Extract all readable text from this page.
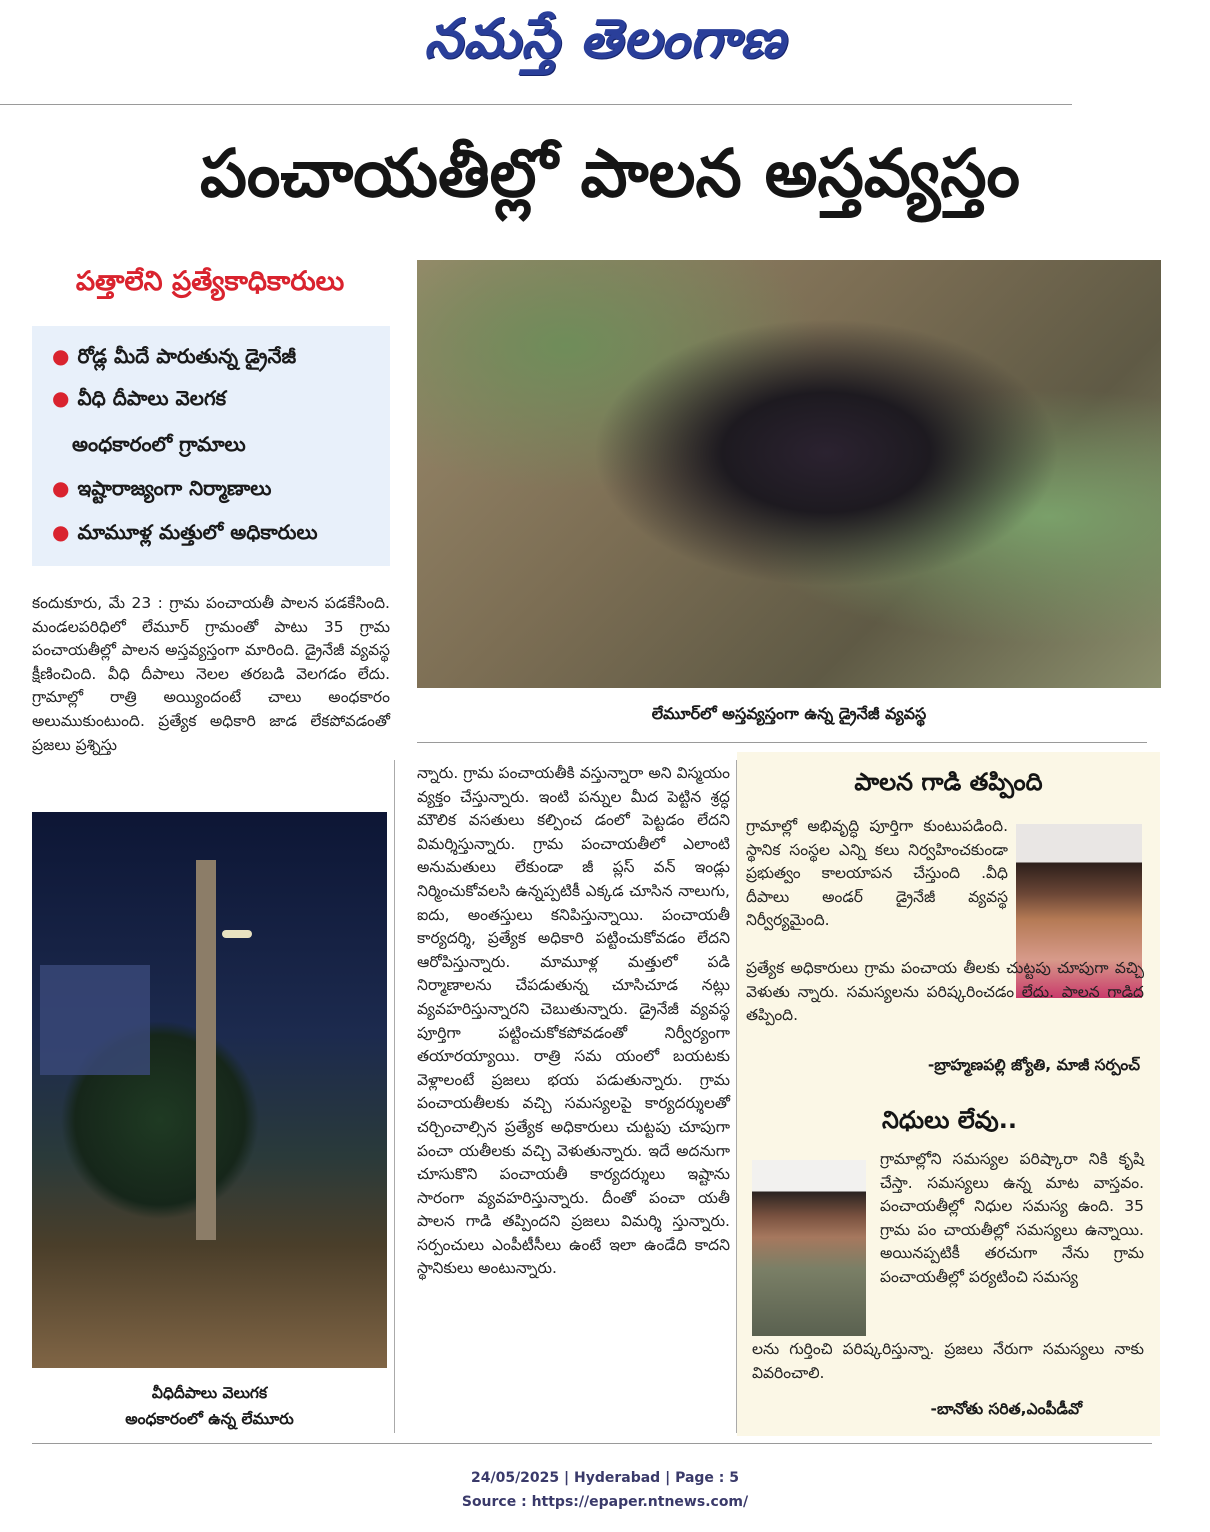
నమస్తే తెలంగాణ
పంచాయతీల్లో పాలన అస్తవ్యస్తం
పత్తాలేని ప్రత్యేకాధికారులు
● రోడ్ల మీదే పారుతున్న డ్రైనేజీ
● వీధి దీపాలు వెలగక
అంధకారంలో గ్రామాలు
● ఇష్టారాజ్యంగా నిర్మాణాలు
● మామూళ్ల మత్తులో అధికారులు
కందుకూరు, మే 23 : గ్రామ పంచాయతీ పాలన పడకేసింది. మండలపరిధిలో లేమూర్ గ్రామంతో పాటు 35 గ్రామ పంచాయతీల్లో పాలన అస్తవ్యస్తంగా మారింది. డ్రైనేజీ వ్యవస్థ క్షీణించింది. వీధి దీపాలు నెలల తరబడి వెలగడం లేదు. గ్రామాల్లో రాత్రి అయ్యిందంటే చాలు అంధకారం అలుముకుంటుంది. ప్రత్యేక అధికారి జాడ లేకపోవడంతో ప్రజలు ప్రశ్నిస్తు
లేమూర్‌లో అస్తవ్యస్తంగా ఉన్న డ్రైనేజీ వ్యవస్థ
వీధిదీపాలు వెలుగక
అంధకారంలో ఉన్న లేమూరు
న్నారు. గ్రామ పంచాయతీకి వస్తున్నారా అని విస్మయం వ్యక్తం చేస్తున్నారు. ఇంటి పన్నుల మీద పెట్టిన శ్రద్ధ మౌలిక వసతులు కల్పించ డంలో పెట్టడం లేదని విమర్శిస్తున్నారు. గ్రామ పంచాయతీలో ఎలాంటి అనుమతులు లేకుండా జీ ప్లస్ వన్ ఇండ్లు నిర్మించుకోవలసి ఉన్నప్పటికీ ఎక్కడ చూసిన నాలుగు, ఐదు, అంతస్తులు కనిపిస్తున్నాయి. పంచాయతీ కార్యదర్శి, ప్రత్యేక అధికారి పట్టించుకోవడం లేదని ఆరోపిస్తున్నారు. మామూళ్ల మత్తులో పడి నిర్మాణాలను చేపడుతున్న చూసిచూడ నట్లు వ్యవహరిస్తున్నారని చెబుతున్నారు. డ్రైనేజీ వ్యవస్థ పూర్తిగా పట్టించుకోకపోవడంతో నిర్వీర్యంగా తయారయ్యాయి. రాత్రి సమ యంలో బయటకు వెళ్లాలంటే ప్రజలు భయ పడుతున్నారు. గ్రామ పంచాయతీలకు వచ్చి సమస్యలపై కార్యదర్శులతో చర్చించాల్సిన ప్రత్యేక అధికారులు చుట్టపు చూపుగా పంచా యతీలకు వచ్చి వెళుతున్నారు. ఇదే అదనుగా చూసుకొని పంచాయతీ కార్యదర్శులు ఇష్టాను సారంగా వ్యవహరిస్తున్నారు. దీంతో పంచా యతీ పాలన గాడి తప్పిందని ప్రజలు విమర్శి స్తున్నారు. సర్పంచులు ఎంపీటీసీలు ఉంటే ఇలా ఉండేది కాదని స్థానికులు అంటున్నారు.
పాలన గాడి తప్పింది
గ్రామాల్లో అభివృద్ధి పూర్తిగా కుంటుపడింది. స్థానిక సంస్థల ఎన్ని కలు నిర్వహించకుండా ప్రభుత్వం కాలయాపన చేస్తుంది .వీధి దీపాలు అండర్ డ్రైనేజీ వ్యవస్థ నిర్వీర్యమైంది.
ప్రత్యేక అధికారులు గ్రామ పంచాయ తీలకు చుట్టపు చూపుగా వచ్చి వెళుతు న్నారు. సమస్యలను పరిష్కరించడం లేదు. పాలన గాడిద తప్పింది.
-బ్రాహ్మణపల్లి జ్యోతి, మాజీ సర్పంచ్
నిధులు లేవు..
గ్రామాల్లోని సమస్యల పరిష్కారా నికి కృషి చేస్తా. సమస్యలు ఉన్న మాట వాస్తవం. పంచాయతీల్లో నిధుల సమస్య ఉంది. 35 గ్రామ పం చాయతీల్లో సమస్యలు ఉన్నాయి. అయినప్పటికీ తరచుగా నేను గ్రామ పంచాయతీల్లో పర్యటించి సమస్య
లను గుర్తించి పరిష్కరిస్తున్నా. ప్రజలు నేరుగా సమస్యలు నాకు వివరించాలి.
-బానోతు సరిత,ఎంపీడీవో
24/05/2025 | Hyderabad | Page : 5
Source : https://epaper.ntnews.com/
